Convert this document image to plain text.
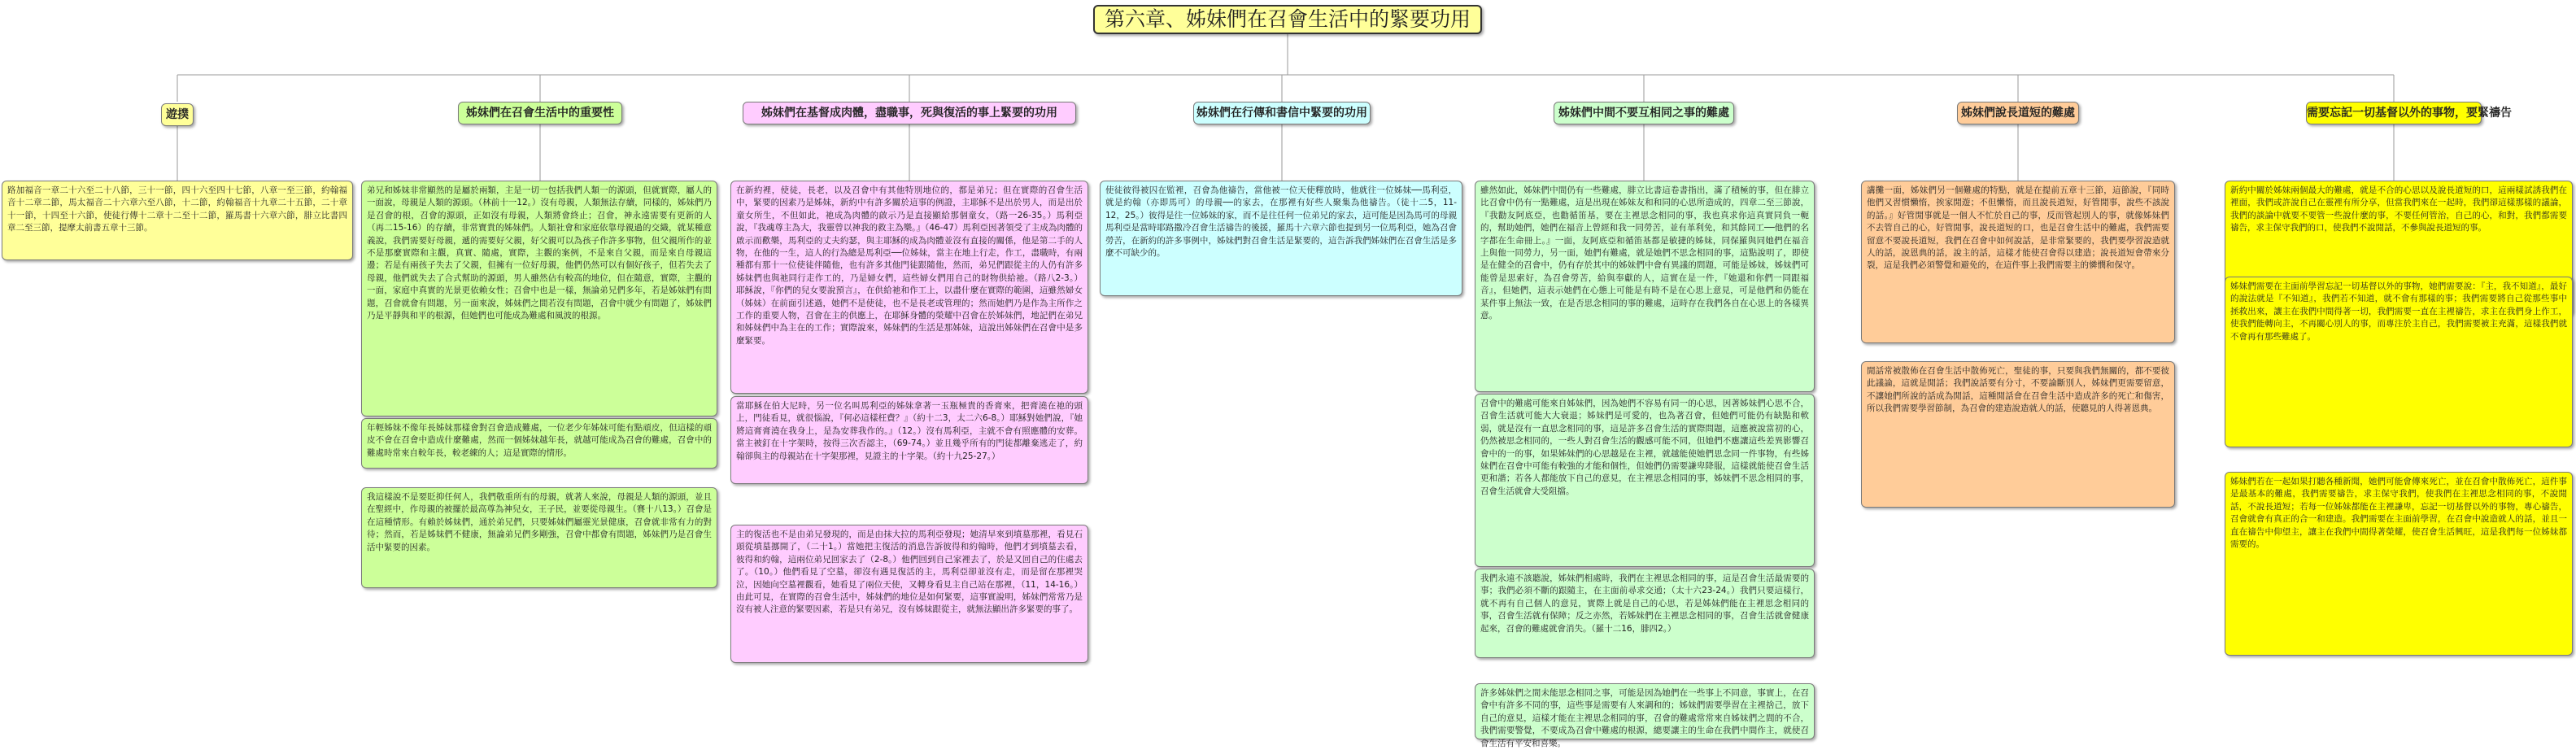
第六章、姊妹們在召會生活中的緊要功用
遊撲
路加福音一章二十六至二十八節，三十一節，四十六至四十七節，八章一至三節，約翰福音十二章二節，馬太福音二十六章六至八節，十二節，約翰福音十九章二十五節，二十章十一節，十四至十六節，使徒行傳十二章十二至十二節，羅馬書十六章六節，腓立比書四章二至三節，提摩太前書五章十三節。
姊妹們在召會生活中的重要性
弟兄和姊妹非常顯然的是屬於兩類，主是一切一包括我們人類一的源頭，但就實際，屬人的一面說，母親是人類的源頭。（林前十一12。）沒有母親，人類無法存續，同樣的，姊妹們乃是召會的根，召會的源頭，正如沒有母親，人類將會終止；召會，神永遠需要有更新的人（再二15-16）的存續，非常寶貴的姊妹們。人類社會和家庭依靠母親過的交織，就某種意義說，我們需要好母親，遞的需要好父親，好父親可以為孩子作許多事物，但父親所作的並不是那麼實際和主觀，真實、隨處，實際，主觀的案例，不是來自父親，而是來自母親這邊；若是有兩孩子失去了父親，但擁有一位好母親，他們仍然可以有個好孩子，但若失去了母親，他們就失去了合式幫助的源頭，男人雖然佔有較高的地位，但在隨意，實際，主觀的一面，家庭中真實的光景更依賴女性；召會中也是一樣，無論弟兄們多年，若是姊妹們有問題，召會就會有問題，另一面來說，姊妹們之間若沒有問題，召會中就少有問題了，姊妹們乃是平靜與和平的根源，但她們也可能成為難處和風波的根源。
年輕姊妹不像年長姊妹那樣會對召會造成難處，一位老少年姊妹可能有點頑皮，但這樣的頑皮不會在召會中造成什麼難處，然而一個姊妹越年長，就越可能成為召會的難處，召會中的難處時常來自較年長，較老練的人；這是實際的情形。
我這樣說不是要貶抑任何人，我們敬重所有的母親，就著人來說，母親是人類的源頭，並且在聖經中，作母親的被擺於最高尊為神兒女，王子民，並要從母親生。（賽十八13。）召會是在這種情形。有賴於姊妹們，通於弟兄們，只要姊妹們屬靈光景健康，召會就非常有力的對待；然而，若是姊妹們不健康，無論弟兄們多剛強，召會中都會有問題，姊妹們乃是召會生活中緊要的因素。
姊妹們在基督成肉體，盡職事，死與復活的事上緊要的功用
在新約裡，使徒，長老，以及召會中有其他特別地位的，都是弟兄；但在實際的召會生活中，緊要的因素乃是姊妹，新約中有許多關於這事的例證，主耶穌不是出於男人，而是出於童女所生，不但如此，祂成為肉體的啟示乃是直接顯給那個童女，（路一26-35。）馬利亞說，『我魂尊主為大，我靈曾以神我的救主為樂。』（46-47）馬利亞因著領受了主成為肉體的啟示而歡樂，馬利亞的丈夫約瑟，與主耶穌的成為肉體並沒有直接的關係，他是第二手的人物，在他的一生，這人的行為總是馬利亞──位姊妹，當主在地上行走，作工，盡職時，有兩種都有那十一位使徒伴隨他，也有許多其他門徒跟隨他，然而，弟兄們跟從主的人仍有許多姊妹們也與祂同行走作工的，乃是婦女們，這些婦女們用自己的財物供給祂。（路八2-3。）耶穌說，『你們的兒女要說預言』，在供給祂和作工上，以盡什麼在實際的範圍，這雖然婦女（姊妹）在前面引述過，她們不是使徒，也不是長老或管理的；然而她們乃是作為主所作之工作的重要人物，召會在主的供應上，在耶穌身體的榮耀中召會在於姊妹們，地記們在弟兄和姊妹們中為主在的工作；實際說來，姊妹們的生活是那姊妹，這說出姊妹們在召會中是多麼緊要。
當耶穌在伯大尼時，另一位名叫馬利亞的姊妹拿著一玉瓶極貴的香膏來，把膏澆在祂的頭上，門徒看見，就很惱說，『何必這樣枉費？』（約十二3，太二六6-8。）耶穌對她們說，『她將這膏膏澆在我身上，是為安葬我作的。』（12。）沒有馬利亞，主就不會有照應體的安葬。當主被釘在十字架時，按得三次否認主，（69-74。）並且幾乎所有的門徒都離棄逃走了，約翰卻與主的母親站在十字架那裡，見證主的十字架。（約十九25-27。）
主的復活也不是由弟兄發現的，而是由抹大拉的馬利亞發現；她清早來到墳墓那裡，看見石頭從墳墓挪開了，（二十1。）當她把主復活的消息告訴彼得和約翰時，他們才到墳墓去看，彼得和約翰，這兩位弟兄回家去了（2-8。）他們回到自己家裡去了，於是又回自己的住處去了。（10。）他們看見了空墓，卻沒有遇見復活的主，馬利亞卻並沒有走，而是留在那裡哭泣，因她向空墓裡觀看，她看見了兩位天使，又轉身看見主自己站在那裡，（11，14-16。）由此可見，在實際的召會生活中，姊妹們的地位是如何緊要，這事實說明，姊妹們常常乃是沒有被人注意的緊要因素，若是只有弟兄，沒有姊妹跟從主，就無法顯出許多緊要的事了。
姊妹們在行傳和書信中緊要的功用
使徒彼得被囚在監裡，召會為他禱告，當他被一位天使釋放時，他就往一位姊妹──馬利亞，就是約翰（亦即馬可）的母親──的家去，在那裡有好些人聚集為他禱告。（徒十二5，11-12，25。）彼得是往一位姊妹的家，而不是往任何一位弟兄的家去，這可能是因為馬可的母親馬利亞是當時耶路撒冷召會生活禱告的後援，羅馬十六章六節也提到另一位馬利亞，她為召會勞苦，在新約的許多事例中，姊妹們對召會生活是緊要的，這告訴我們姊妹們在召會生活是多麼不可缺少的。
姊妹們中間不要互相同之事的難處
雖然如此，姊妹們中間仍有一些難處，腓立比書這卷書指出，滿了積極的事，但在腓立比召會中仍有一點難處，這是出現在姊妹友和和同的心思所造成的，四章二至三節說，『我勸友阿底亞，也勸循笛基，要在主裡思念相同的事，我也真求你這真實同負一軛的，幫助她們，她們在福音上曾經和我一同勞苦，並有革利免，和其餘同工──他們的名字都在生命冊上。』一面，友阿底亞和循笛基都是敏捷的姊妹，同保羅與同她們在福音上與他一同勞力，另一面，她們有難處，就是她們不思念相同的事，這點說明了，即使是在健全的召會中，仍有存於其中的姊妹們中會有異議的問題，可能是姊妹，姊妹們可能曾是思索好，為召會勞苦，給與奉獻的人，這實在是一件，『她還和你們一同跟福音』，但她們，這表示她們在心態上可能是有時不是在心思上意見，可是他們和仍能在某件事上無法一致，在是否思念相同的事的難處，這時存在我們各自在心思上的各樣異意。
召會中的難處可能來自姊妹們，因為她們不容易有同一的心思，因著姊妹們心思不合，召會生活就可能大大衰退；姊妹們是可愛的，也為著召會，但她們可能仍有缺點和軟弱，就是沒有一直思念相同的事，這是許多召會生活的實際問題，這應被說當初的心，仍然被思念相同的，一些人對召會生活的觀感可能不同，但她們不應讓這些差異影響召會中的一的事，如果姊妹們的心思越是在主裡，就越能使她們思念同一件事物，有些姊妹們在召會中可能有較強的才能和個性，但她們仍需要謙卑降服，這樣就能使召會生活更和諧；若各人都能放下自己的意見，在主裡思念相同的事，姊妹們不思念相同的事，召會生活就會大受阻擋。
我們永遠不該聽說，姊妹們相處時，我們在主裡思念相同的事，這是召會生活最需要的事；我們必須不斷的跟隨主，在主面前尋求交通；（太十六23-24。）我們只要這樣行，就不再有自己個人的意見，實際上就是自己的心思，若是姊妹們能在主裡思念相同的事，召會生活就有保障；反之亦然，若姊妹們在主裡思念相同的事，召會生活就會健康起來，召會的難處就會消失。（羅十二16，腓四2。）
許多姊妹們之間未能思念相同之事，可能是因為她們在一些事上不同意，事實上，在召會中有許多不同的事，這些事是需要有人來調和的；姊妹們需要學習在主裡捨己，放下自己的意見，這樣才能在主裡思念相同的事，召會的難處常常來自姊妹們之間的不合，我們需要警覺，不要成為召會中難處的根源，總要讓主的生命在我們中間作主，就使召會生活有平安和喜樂。
姊妹們說長道短的難處
講攤一面，姊妹們另一個難處的特點，就是在提前五章十三節，這節說，『同時他們又習慣懶惰，挨家閒遊；不但懶惰，而且說長道短，好管閒事，說些不該說的話。』好管閒事就是一個人不忙於自己的事，反而管起別人的事，就像姊妹們不去管自己的心，好管閒事，說長道短的口，也是召會生活中的難處，我們需要留意不要說長道短，我們在召會中如何說話，是非常緊要的，我們要學習說造就人的話，說恩典的話，說主的話，這樣才能使召會得以建造；說長道短會帶來分裂，這是我們必須警覺和避免的，在這件事上我們需要主的憐憫和保守。
閒話常被散佈在召會生活中散佈死亡，聖徒的事，只要與我們無關的，都不要彼此議論，這就是閒話；我們說話要有分寸，不要論斷別人，姊妹們更需要留意，不讓她們所說的話成為閒話，這種閒話會在召會生活中造成許多的死亡和傷害，所以我們需要學習節制，為召會的建造說造就人的話，使聽見的人得著恩典。
需要忘記一切基督以外的事物，要緊禱告
新約中關於姊妹兩個最大的難處，就是不合的心思以及說長道短的口，這兩樣試誘我們在裡面，我們或許說自己在靈裡有所分享，但當我們來在一起時，我們卻這樣那樣的議論，我們的談論中就要不要管一些說什麼的事，不要任何管治，自己的心，和對，我們都需要禱告，求主保守我們的口，使我們不說閒話，不參與說長道短的事。
姊妹們需要在主面前學習忘記一切基督以外的事物，她們需要說：『主，我不知道』，最好的說法就是『不知道』，我們若不知道，就不會有那樣的事；我們需要將自己從那些事中拯救出來，讓主在我們中間得著一切，我們需要一直在主裡禱告，求主在我們身上作工，使我們能轉向主，不再關心別人的事，而專注於主自己，我們需要被主充滿，這樣我們就不會再有那些難處了。
姊妹們若在一起如果打聽各種新聞，她們可能會傳來死亡，並在召會中散佈死亡，這件事是最基本的難處，我們需要禱告，求主保守我們，使我們在主裡思念相同的事，不說閒話，不說長道短；若每一位姊妹都能在主裡謙卑，忘記一切基督以外的事物，專心禱告，召會就會有真正的合一和建造。我們需要在主面前學習，在召會中說造就人的話，並且一直在禱告中仰望主，讓主在我們中間得著榮耀，使召會生活興旺，這是我們每一位姊妹都需要的。
